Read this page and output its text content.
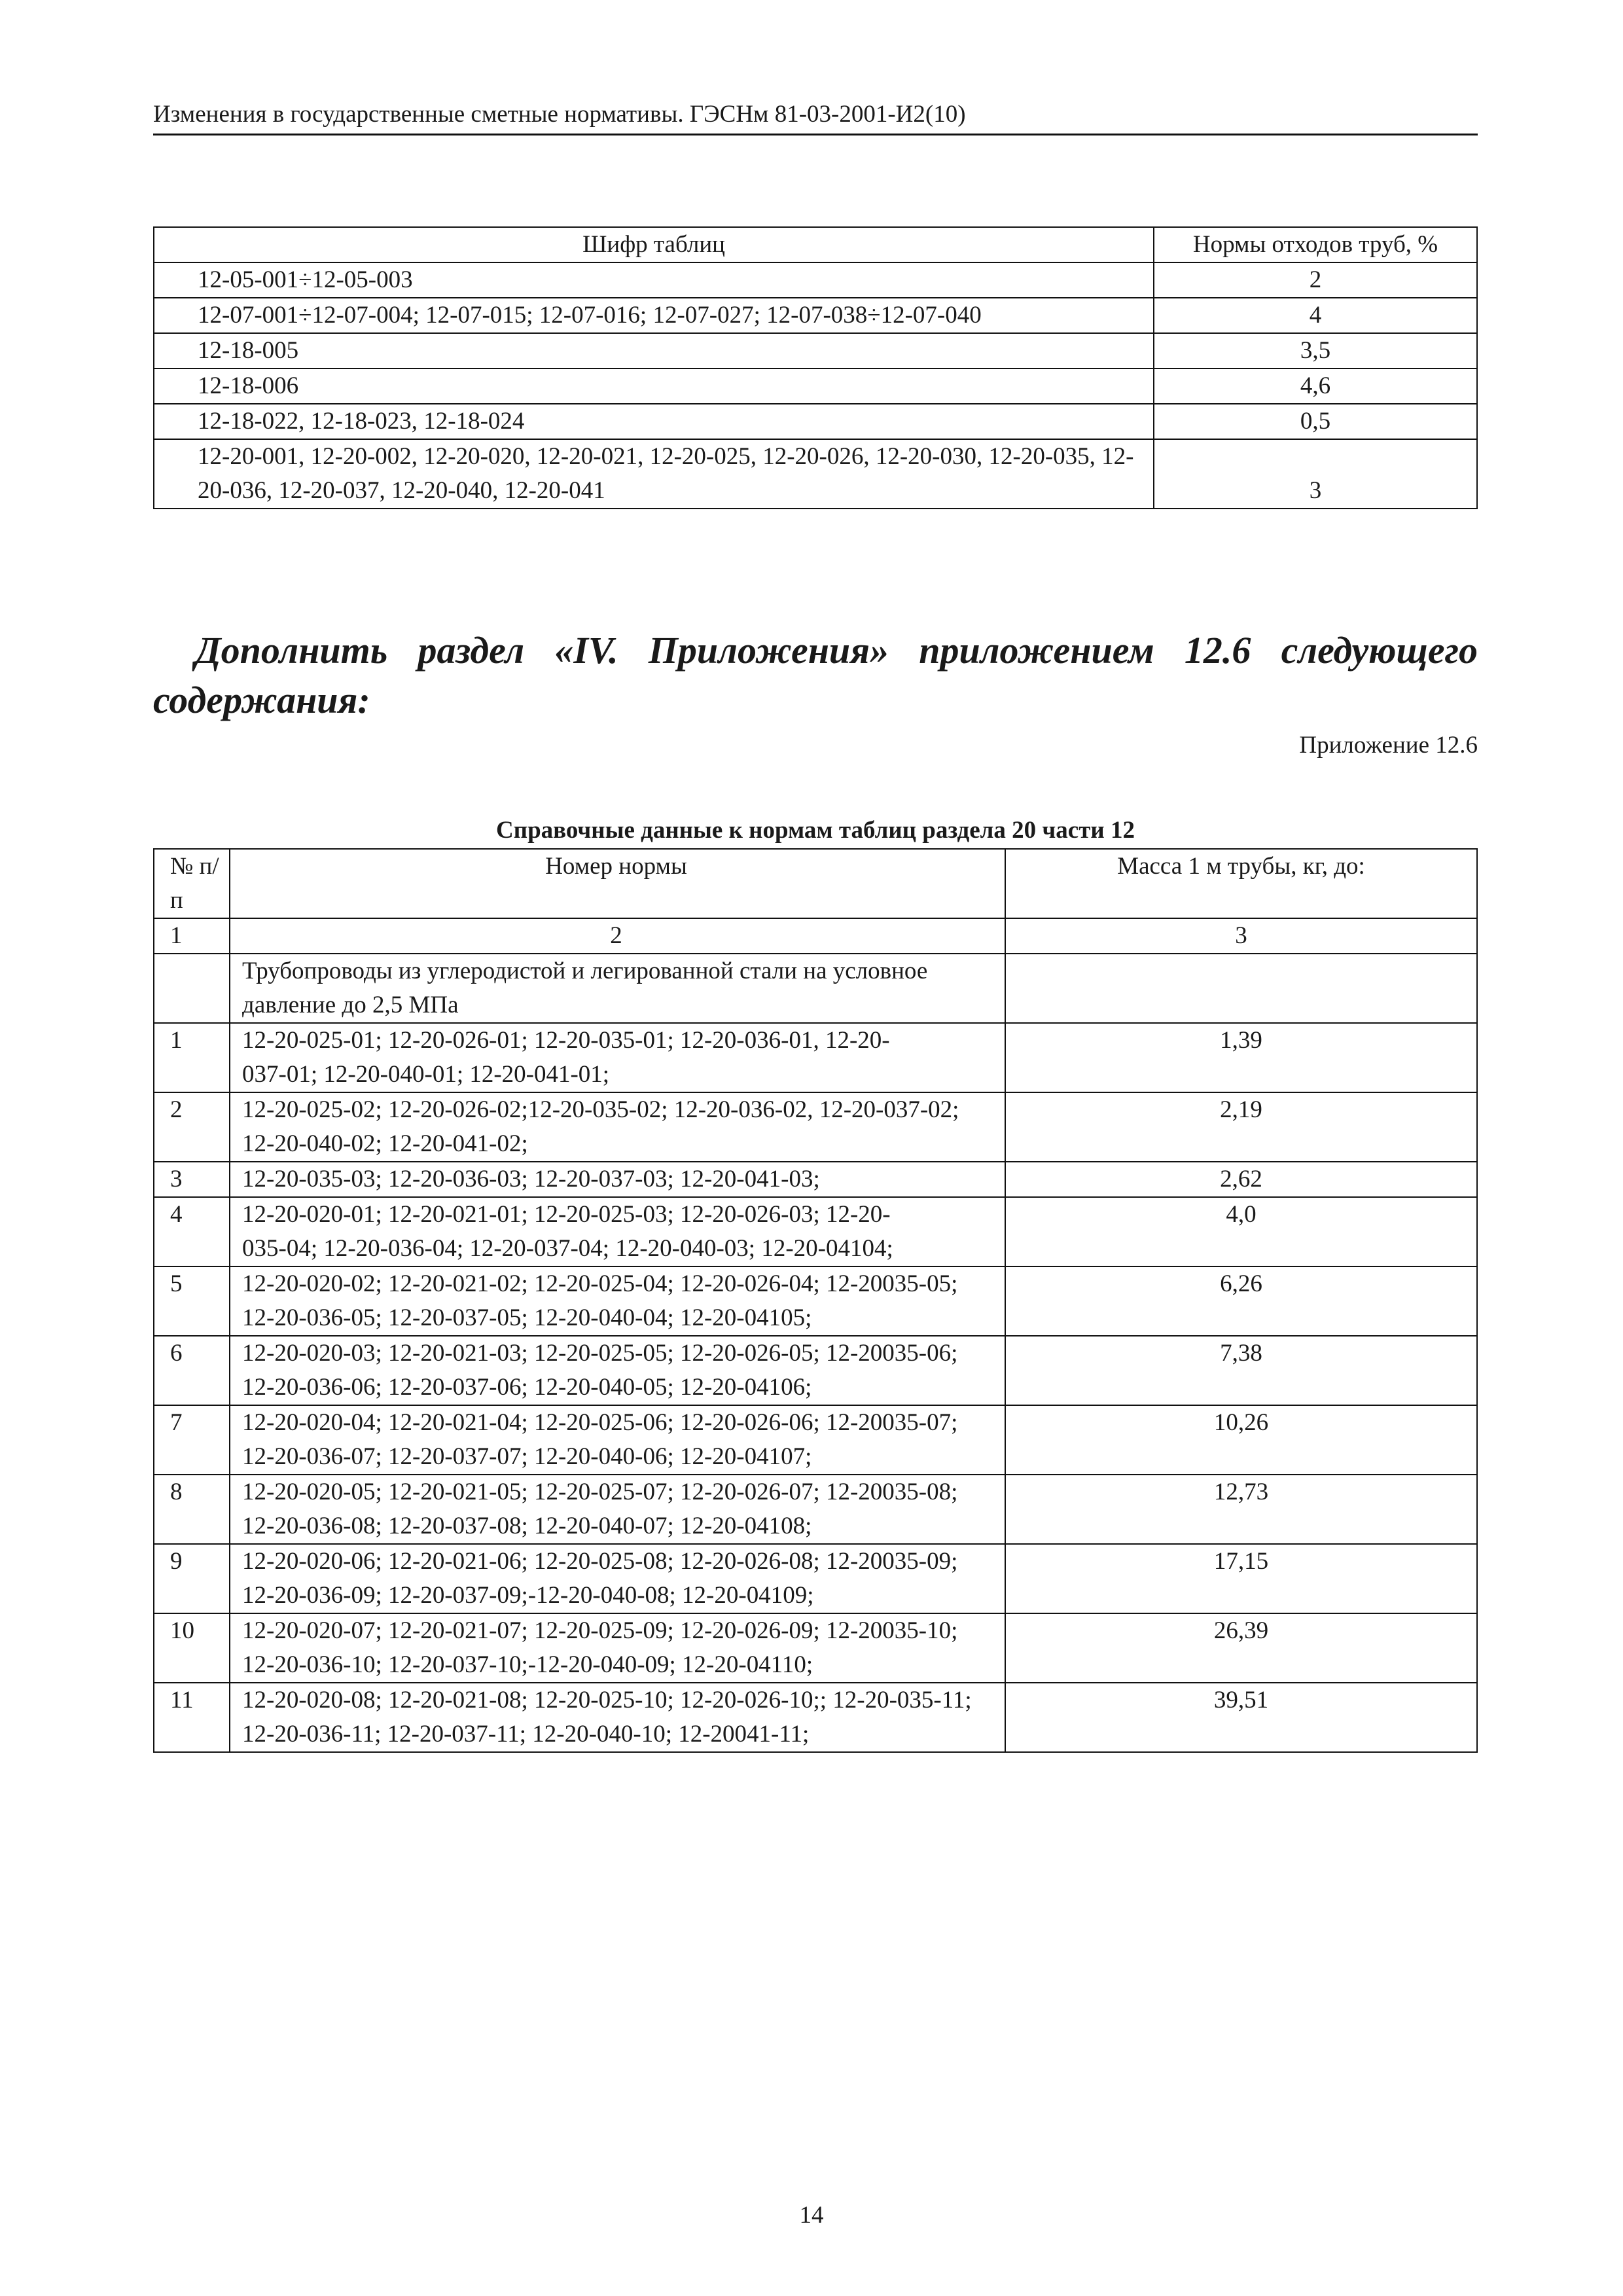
Изменения в государственные сметные нормативы. ГЭСНм 81-03-2001-И2(10)
Шифр таблиц	Нормы отходов труб, %
12-05-001÷12-05-003	2
12-07-001÷12-07-004; 12-07-015; 12-07-016; 12-07-027; 12-07-038÷12-07-040	4
12-18-005	3,5
12-18-006	4,6
12-18-022, 12-18-023, 12-18-024	0,5
12-20-001, 12-20-002, 12-20-020, 12-20-021, 12-20-025, 12-20-026, 12-20-030, 12-20-035, 12-20-036, 12-20-037, 12-20-040, 12-20-041	3
Дополнить раздел «IV. Приложения» приложением 12.6 следующего содержания:
Приложение 12.6
Справочные данные к нормам таблиц раздела 20 части 12
№ п/п	Номер нормы	Масса 1 м трубы, кг, до:
1	2	3
	Трубопроводы из углеродистой и легированной стали на условное давление до 2,5 МПа	
1	12-20-025-01; 12-20-026-01; 12-20-035-01; 12-20-036-01, 12-20-
037-01; 12-20-040-01; 12-20-041-01;	1,39
2	12-20-025-02; 12-20-026-02;12-20-035-02; 12-20-036-02, 12-20-037-02; 12-20-040-02; 12-20-041-02;	2,19
3	12-20-035-03; 12-20-036-03; 12-20-037-03; 12-20-041-03;	2,62
4	12-20-020-01; 12-20-021-01; 12-20-025-03; 12-20-026-03; 12-20-
035-04; 12-20-036-04; 12-20-037-04; 12-20-040-03; 12-20-04104;	4,0
5	12-20-020-02; 12-20-021-02; 12-20-025-04; 12-20-026-04; 12-20035-05; 12-20-036-05; 12-20-037-05; 12-20-040-04; 12-20-04105;	6,26
6	12-20-020-03; 12-20-021-03; 12-20-025-05; 12-20-026-05; 12-20035-06; 12-20-036-06; 12-20-037-06; 12-20-040-05; 12-20-04106;	7,38
7	12-20-020-04; 12-20-021-04; 12-20-025-06; 12-20-026-06; 12-20035-07; 12-20-036-07; 12-20-037-07; 12-20-040-06; 12-20-04107;	10,26
8	12-20-020-05; 12-20-021-05; 12-20-025-07; 12-20-026-07; 12-20035-08; 12-20-036-08; 12-20-037-08; 12-20-040-07; 12-20-04108;	12,73
9	12-20-020-06; 12-20-021-06; 12-20-025-08; 12-20-026-08; 12-20035-09; 12-20-036-09; 12-20-037-09;-12-20-040-08; 12-20-04109;	17,15
10	12-20-020-07; 12-20-021-07; 12-20-025-09; 12-20-026-09; 12-20035-10; 12-20-036-10; 12-20-037-10;-12-20-040-09; 12-20-04110;	26,39
11	12-20-020-08; 12-20-021-08; 12-20-025-10; 12-20-026-10;; 12-20-035-11; 12-20-036-11; 12-20-037-11; 12-20-040-10; 12-20041-11;	39,51
14
